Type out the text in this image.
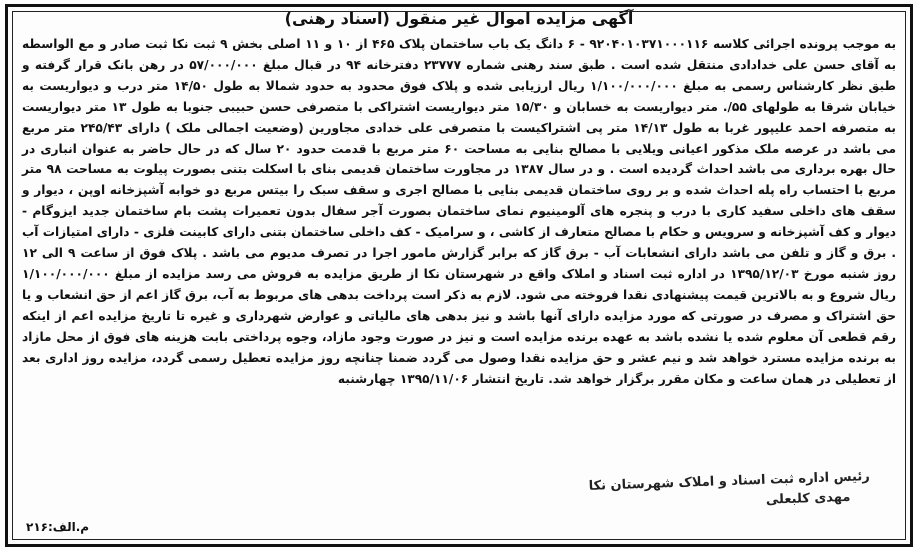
آگهی مزایده اموال غیر منقول (اسناد رهنی)
به موجب پرونده اجرائی کلاسه ۹۲۰۴۰۱۰۳۷۱۰۰۰۱۱۶ - ۶ دانگ یک باب ساختمان پلاک ۴۶۵ از ۱۰ و ۱۱ اصلی بخش ۹ ثبت نکا ثبت صادر و مع الواسطه به آقای حسن علی خدادادی منتقل شده است . طبق سند رهنی شماره ۲۳۷۷۷ دفترخانه ۹۴ در قبال مبلغ ۵۷/۰۰۰/۰۰۰ در رهن بانک قرار گرفته و طبق نظر کارشناس رسمی به مبلغ ۱/۱۰۰/۰۰۰/۰۰۰ ریال ارزیابی شده و پلاک فوق محدود به حدود شمالا به طول ۱۴/۵۰ متر درب و دیواریست به خیابان شرقا به طولهای ۵۵/. متر دیواریست به خسابان و ۱۵/۳۰ متر دیواریست اشتراکی با متصرفی حسن حبیبی جنوبا به طول ۱۳ متر دیواریست به متصرفه احمد علیپور غربا به طول ۱۴/۱۳ متر پی اشتراکیست با متصرفی علی خدادی مجاورین (وضعیت اجمالی ملک ) دارای ۲۴۵/۴۳ متر مربع می باشد در عرصه ملک مذکور اعیانی ویلایی با مصالح بنایی به مساحت ۶۰ متر مربع با قدمت حدود ۲۰ سال که در حال حاضر به عنوان انباری در حال بهره برداری می باشد احداث گردیده است . و در سال ۱۳۸۷ در مجاورت ساختمان قدیمی بنای با اسکلت بتنی بصورت پیلوت به مساحت ۹۸ متر مربع با احتساب راه پله احداث شده و بر روی ساختمان قدیمی بنایی با مصالح اجری و سقف سبک را بیتس مربع دو خوابه آشپزخانه اوپن ، دیوار و سقف های داخلی سفید کاری با درب و پنجره های آلومینیوم نمای ساختمان بصورت آجر سفال بدون تعمیرات پشت بام ساختمان جدید ایزوگام - دیوار و کف آشپزخانه و سرویس و حکام با مصالح متعارف از کاشی ، و سرامیک - کف داخلی ساختمان بتنی دارای کابینت فلزی - دارای امتیازات آب . برق و گاز و تلفن می باشد دارای انشعابات آب - برق گاز که برابر گزارش مامور اجرا در تصرف مدیوم می باشد . پلاک فوق از ساعت ۹ الی ۱۲ روز شنبه مورخ ۱۳۹۵/۱۲/۰۳ در اداره ثبت اسناد و املاک واقع در شهرستان نکا از طریق مزایده به فروش می رسد مزایده از مبلغ ۱/۱۰۰/۰۰۰/۰۰۰ ریال شروع و به بالاترین قیمت پیشنهادی نقدا فروخته می شود. لازم به ذکر است پرداخت بدهی های مربوط به آب، برق گاز اعم از حق انشعاب و یا حق اشتراک و مصرف در صورتی که مورد مزایده دارای آنها باشد و نیز بدهی های مالیاتی و عوارض شهرداری و غیره تا تاریخ مزایده اعم از اینکه رقم قطعی آن معلوم شده یا نشده باشد به عهده برنده مزایده است و نیز در صورت وجود مازاد، وجوه پرداختی بابت هزینه های فوق از محل مازاد به برنده مزایده مسترد خواهد شد و نیم عشر و حق مزایده نقدا وصول می گردد ضمنا چنانچه روز مزایده تعطیل رسمی گردد، مزایده روز اداری بعد از تعطیلی در همان ساعت و مکان مقرر برگزار خواهد شد. تاریخ انتشار ۱۳۹۵/۱۱/۰۶ چهارشنبه
رئیس اداره ثبت اسناد و املاک شهرستان نکا
مهدی کلبعلی
م.الف:۲۱۶
